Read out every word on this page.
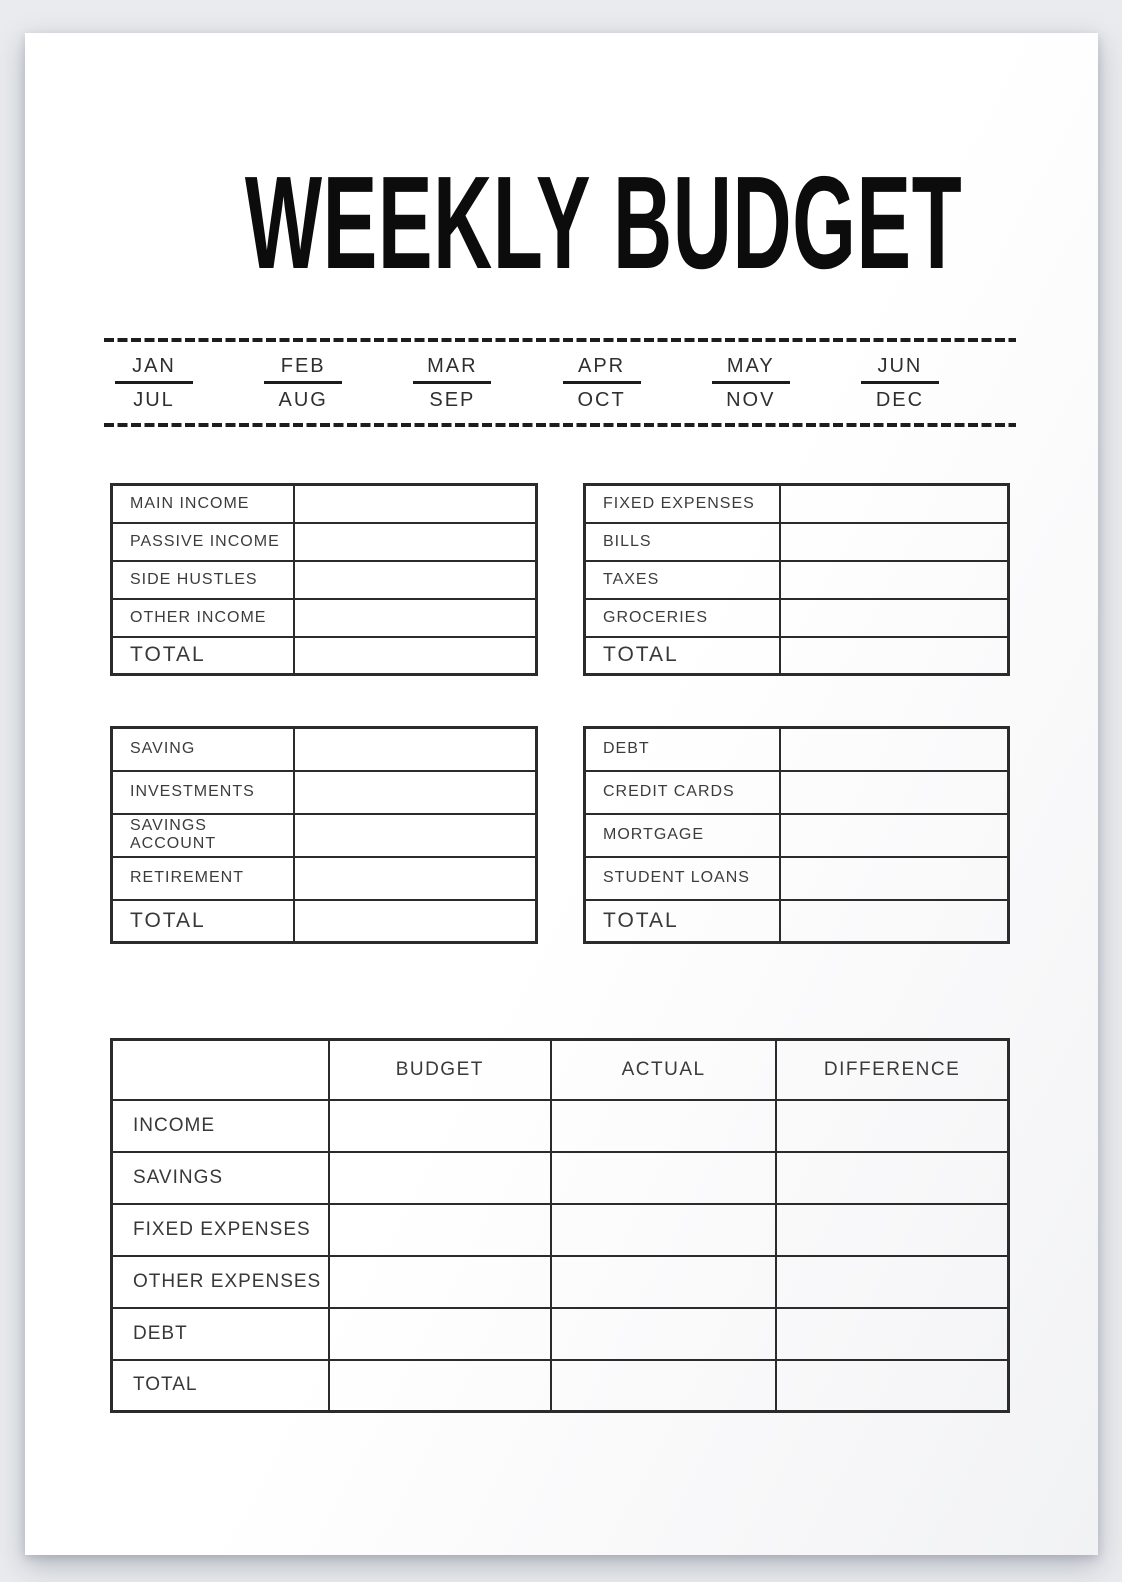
WEEKLY BUDGET
JAN
JUL
FEB
AUG
MAR
SEP
APR
OCT
MAY
NOV
JUN
DEC
MAIN INCOME	
PASSIVE INCOME	
SIDE HUSTLES	
OTHER INCOME	
TOTAL	
FIXED EXPENSES	
BILLS	
TAXES	
GROCERIES	
TOTAL	
SAVING	
INVESTMENTS	
SAVINGS ACCOUNT	
RETIREMENT	
TOTAL	
DEBT	
CREDIT CARDS	
MORTGAGE	
STUDENT LOANS	
TOTAL	
	BUDGET	ACTUAL	DIFFERENCE
INCOME			
SAVINGS			
FIXED EXPENSES			
OTHER EXPENSES			
DEBT			
TOTAL			
